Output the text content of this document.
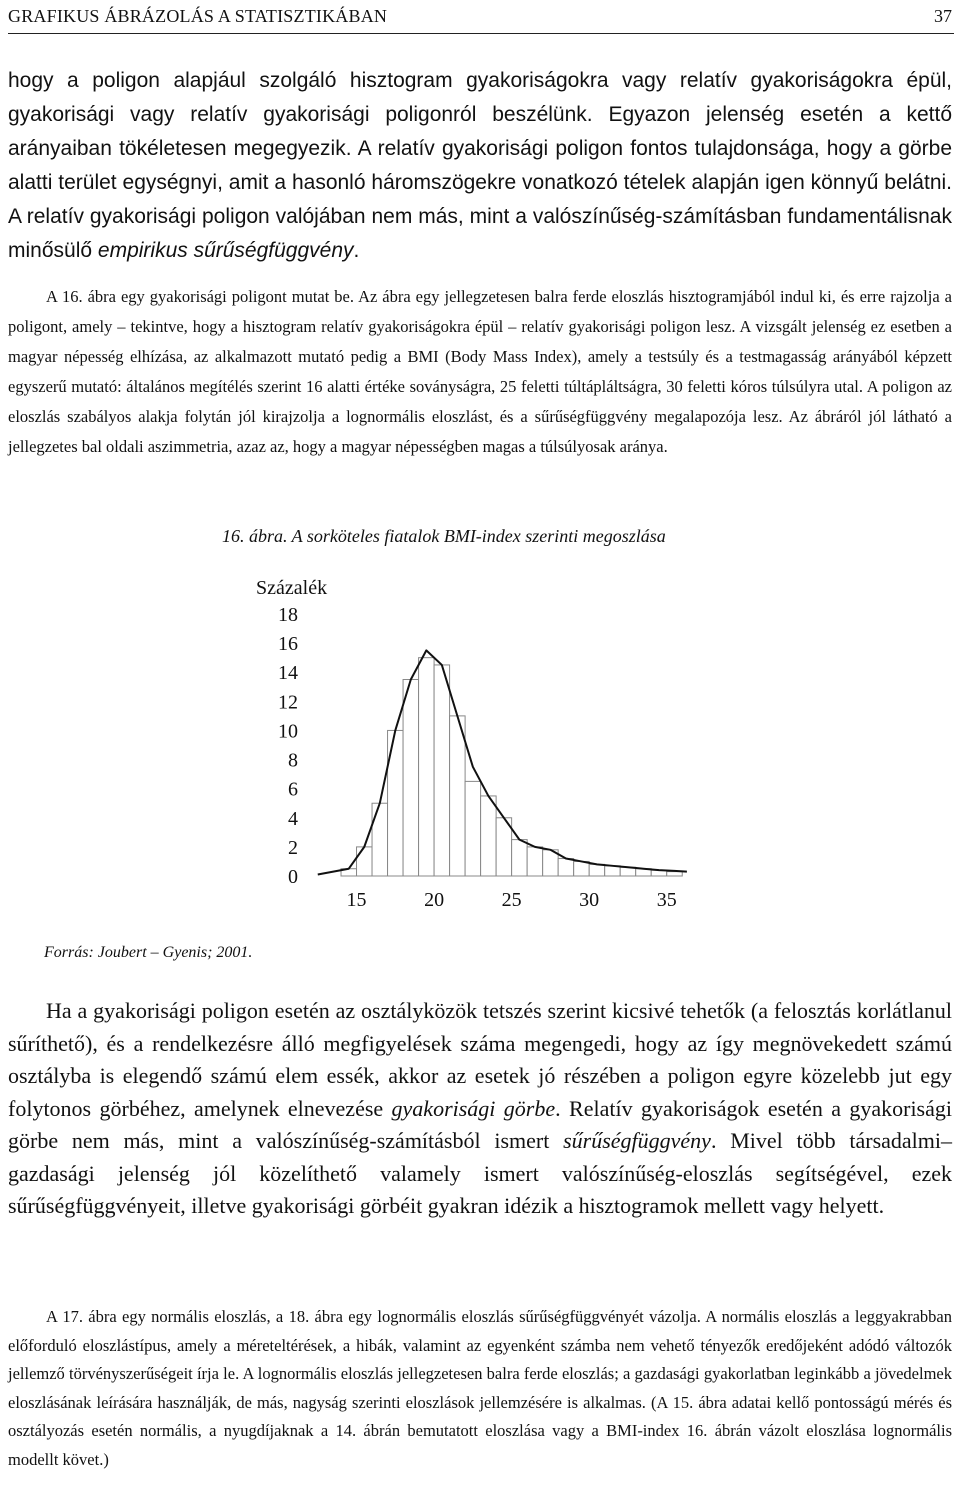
GRAFIKUS ÁBRÁZOLÁS A STATISZTIKÁBAN	37

hogy a poligon alapjául szolgáló hisztogram gyakoriságokra vagy relatív gyakoriságokra épül, gyakorisági vagy relatív gyakorisági poligonról beszélünk. Egyazon jelenség esetén a kettő arányaiban tökéletesen megegyezik. A relatív gyakorisági poligon fontos tulajdonsága, hogy a görbe alatti terület egységnyi, amit a hasonló háromszögekre vonatkozó tételek alapján igen könnyű belátni. A relatív gyakorisági poligon valójában nem más, mint a valószínűség-számításban fundamentálisnak minősülő empirikus sűrűségfüggvény.

A 16. ábra egy gyakorisági poligont mutat be. Az ábra egy jellegzetesen balra ferde eloszlás hisztogramjából indul ki, és erre rajzolja a poligont, amely – tekintve, hogy a hisztogram relatív gyakoriságokra épül – relatív gyakorisági poligon lesz. A vizsgált jelenség ez esetben a magyar népesség elhízása, az alkalmazott mutató pedig a BMI (Body Mass Index), amely a testsúly és a testmagasság arányából képzett egyszerű mutató: általános megítélés szerint 16 alatti értéke soványságra, 25 feletti túltápláltságra, 30 feletti kóros túlsúlyra utal. A poligon az eloszlás szabályos alakja folytán jól kirajzolja a lognormális eloszlást, és a sűrűségfüggvény megalapozója lesz. Az ábráról jól látható a jellegzetes bal oldali aszimmetria, azaz az, hogy a magyar népességben magas a túlsúlyosak aránya.

16. ábra. A sorköteles fiatalok BMI-index szerinti megoszlása
Százalék
18
16
14
12
10
8
6
4
2
0
15	20	25	30	35
Forrás: Joubert – Gyenis; 2001.

Ha a gyakorisági poligon esetén az osztályközök tetszés szerint kicsivé tehetők (a felosztás korlátlanul sűríthető), és a rendelkezésre álló megfigyelések száma megengedi, hogy az így megnövekedett számú osztályba is elegendő számú elem essék, akkor az esetek jó részében a poligon egyre közelebb jut egy folytonos görbéhez, amelynek elnevezése gyakorisági görbe. Relatív gyakoriságok esetén a gyakorisági görbe nem más, mint a valószínűség-számításból ismert sűrűségfüggvény. Mivel több társadalmi–gazdasági jelenség jól közelíthető valamely ismert valószínűség-eloszlás segítségével, ezek sűrűségfüggvényeit, illetve gyakorisági görbéit gyakran idézik a hisztogramok mellett vagy helyett.

A 17. ábra egy normális eloszlás, a 18. ábra egy lognormális eloszlás sűrűségfüggvényét vázolja. A normális eloszlás a leggyakrabban előforduló eloszlástípus, amely a méreteltérések, a hibák, valamint az egyenként számba nem vehető tényezők eredőjeként adódó változók jellemző törvényszerűségeit írja le. A lognormális eloszlás jellegzetesen balra ferde eloszlás; a gazdasági gyakorlatban leginkább a jövedelmek eloszlásának leírására használják, de más, nagyság szerinti eloszlások jellemzésére is alkalmas. (A 15. ábra adatai kellő pontosságú mérés és osztályozás esetén normális, a nyugdíjaknak a 14. ábrán bemutatott eloszlása vagy a BMI-index 16. ábrán vázolt eloszlása lognormális modellt követ.)
